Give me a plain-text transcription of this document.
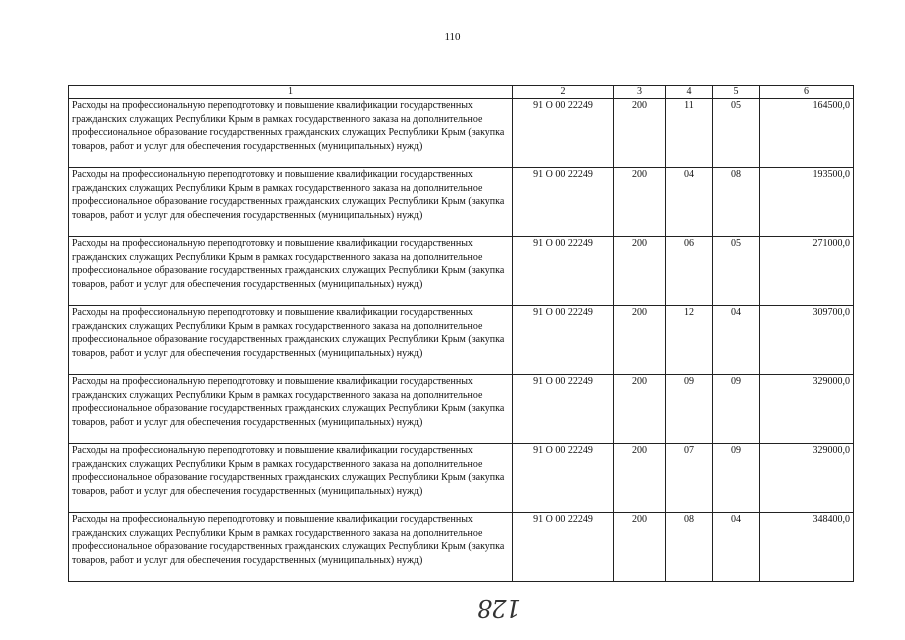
110
1	2	3	4	5	6
Расходы на профессиональную переподготовку и повышение квалификации государственных гражданских служащих Республики Крым в рамках государственного заказа на дополнительное профессиональное образование государственных гражданских служащих Республики Крым (закупка товаров, работ и услуг для обеспечения государственных (муниципальных) нужд)	91 О 00 22249	200	11	05	164500,0
Расходы на профессиональную переподготовку и повышение квалификации государственных гражданских служащих Республики Крым в рамках государственного заказа на дополнительное профессиональное образование государственных гражданских служащих Республики Крым (закупка товаров, работ и услуг для обеспечения государственных (муниципальных) нужд)	91 О 00 22249	200	04	08	193500,0
Расходы на профессиональную переподготовку и повышение квалификации государственных гражданских служащих Республики Крым в рамках государственного заказа на дополнительное профессиональное образование государственных гражданских служащих Республики Крым (закупка товаров, работ и услуг для обеспечения государственных (муниципальных) нужд)	91 О 00 22249	200	06	05	271000,0
Расходы на профессиональную переподготовку и повышение квалификации государственных гражданских служащих Республики Крым в рамках государственного заказа на дополнительное профессиональное образование государственных гражданских служащих Республики Крым (закупка товаров, работ и услуг для обеспечения государственных (муниципальных) нужд)	91 О 00 22249	200	12	04	309700,0
Расходы на профессиональную переподготовку и повышение квалификации государственных гражданских служащих Республики Крым в рамках государственного заказа на дополнительное профессиональное образование государственных гражданских служащих Республики Крым (закупка товаров, работ и услуг для обеспечения государственных (муниципальных) нужд)	91 О 00 22249	200	09	09	329000,0
Расходы на профессиональную переподготовку и повышение квалификации государственных гражданских служащих Республики Крым в рамках государственного заказа на дополнительное профессиональное образование государственных гражданских служащих Республики Крым (закупка товаров, работ и услуг для обеспечения государственных (муниципальных) нужд)	91 О 00 22249	200	07	09	329000,0
Расходы на профессиональную переподготовку и повышение квалификации государственных гражданских служащих Республики Крым в рамках государственного заказа на дополнительное профессиональное образование государственных гражданских служащих Республики Крым (закупка товаров, работ и услуг для обеспечения государственных (муниципальных) нужд)	91 О 00 22249	200	08	04	348400,0
128
